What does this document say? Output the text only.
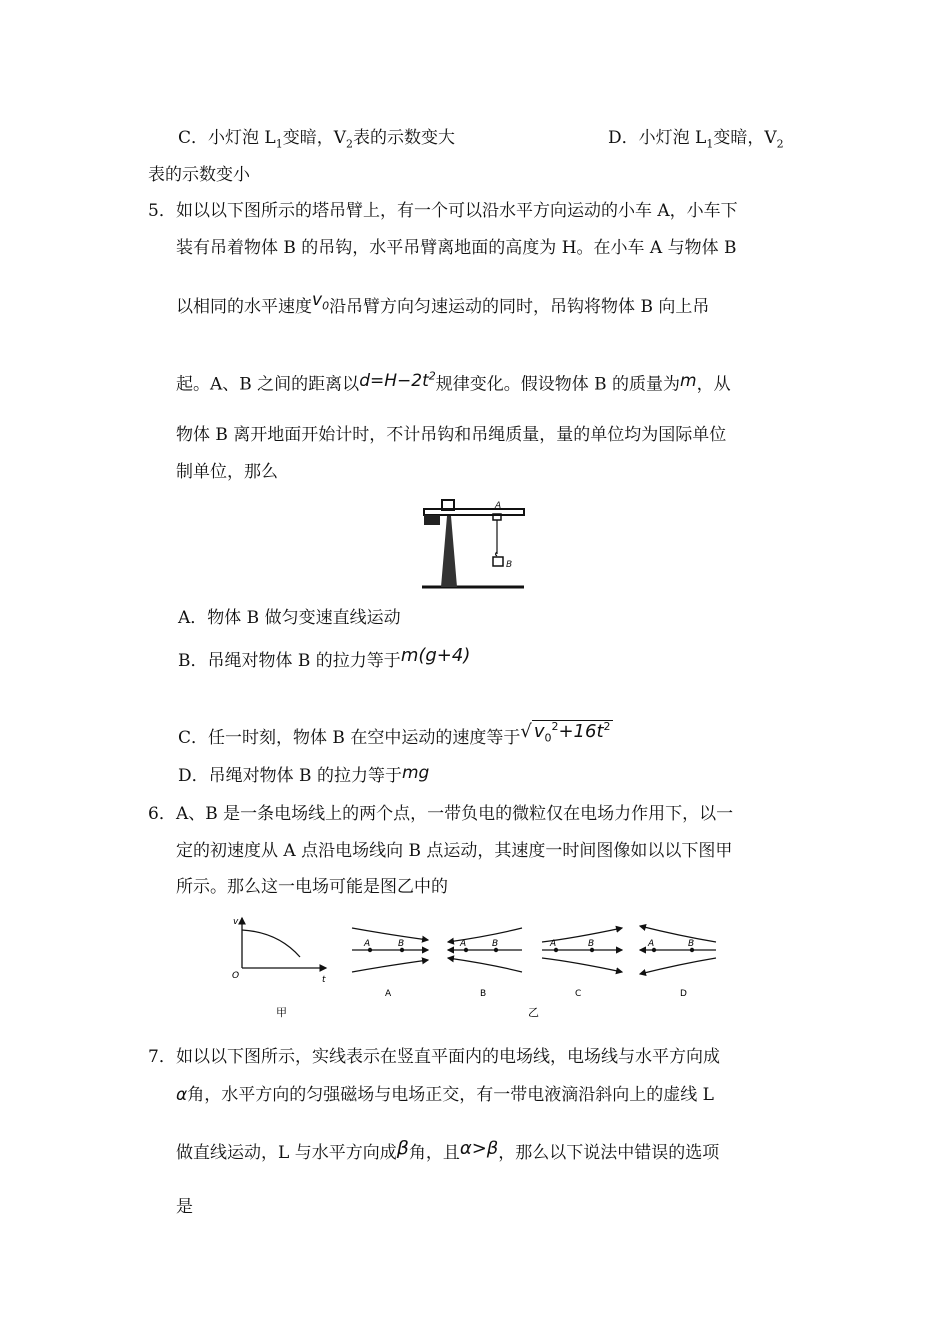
C．小灯泡 $L_1$变暗，$V_2$表的示数变大	D．小灯泡 $L_1$变暗，$V_2$
表的示数变小
5． 如以以下图所示的塔吊臂上，有一个可以沿水平方向运动的小车 A，小车下
装有吊着物体 B 的吊钩，水平吊臂离地面的高度为 H。在小车 A 与物体 B
以相同的水平速度$v_0$沿吊臂方向匀速运动的同时，吊钩将物体 B 向上吊
起。A、B 之间的距离以$d=H-2t^2$规律变化。假设物体 B 的质量为m，从
物体 B 离开地面开始计时，不计吊钩和吊绳质量，量的单位均为国际单位
制单位，那么
A
B
A．物体 B 做匀变速直线运动
B．吊绳对物体 B 的拉力等于m(g+4)
C．任一时刻，物体 B 在空中运动的速度等于√ $v_0^2+16t^2$
D．吊绳对物体 B 的拉力等于mg
6． A、B 是一条电场线上的两个点，一带负电的微粒仅在电场力作用下，以一
定的初速度从 A 点沿电场线向 B 点运动，其速度一时间图像如以以下图甲
所示。那么这一电场可能是图乙中的
v
t
O
甲
A	B
A
A	B
B
A	B
C
A	B
D
乙
7． 如以以下图所示，实线表示在竖直平面内的电场线，电场线与水平方向成
α角，水平方向的匀强磁场与电场正交，有一带电液滴沿斜向上的虚线 L
做直线运动，L 与水平方向成β角，且α>β，那么以下说法中错误的选项
是
